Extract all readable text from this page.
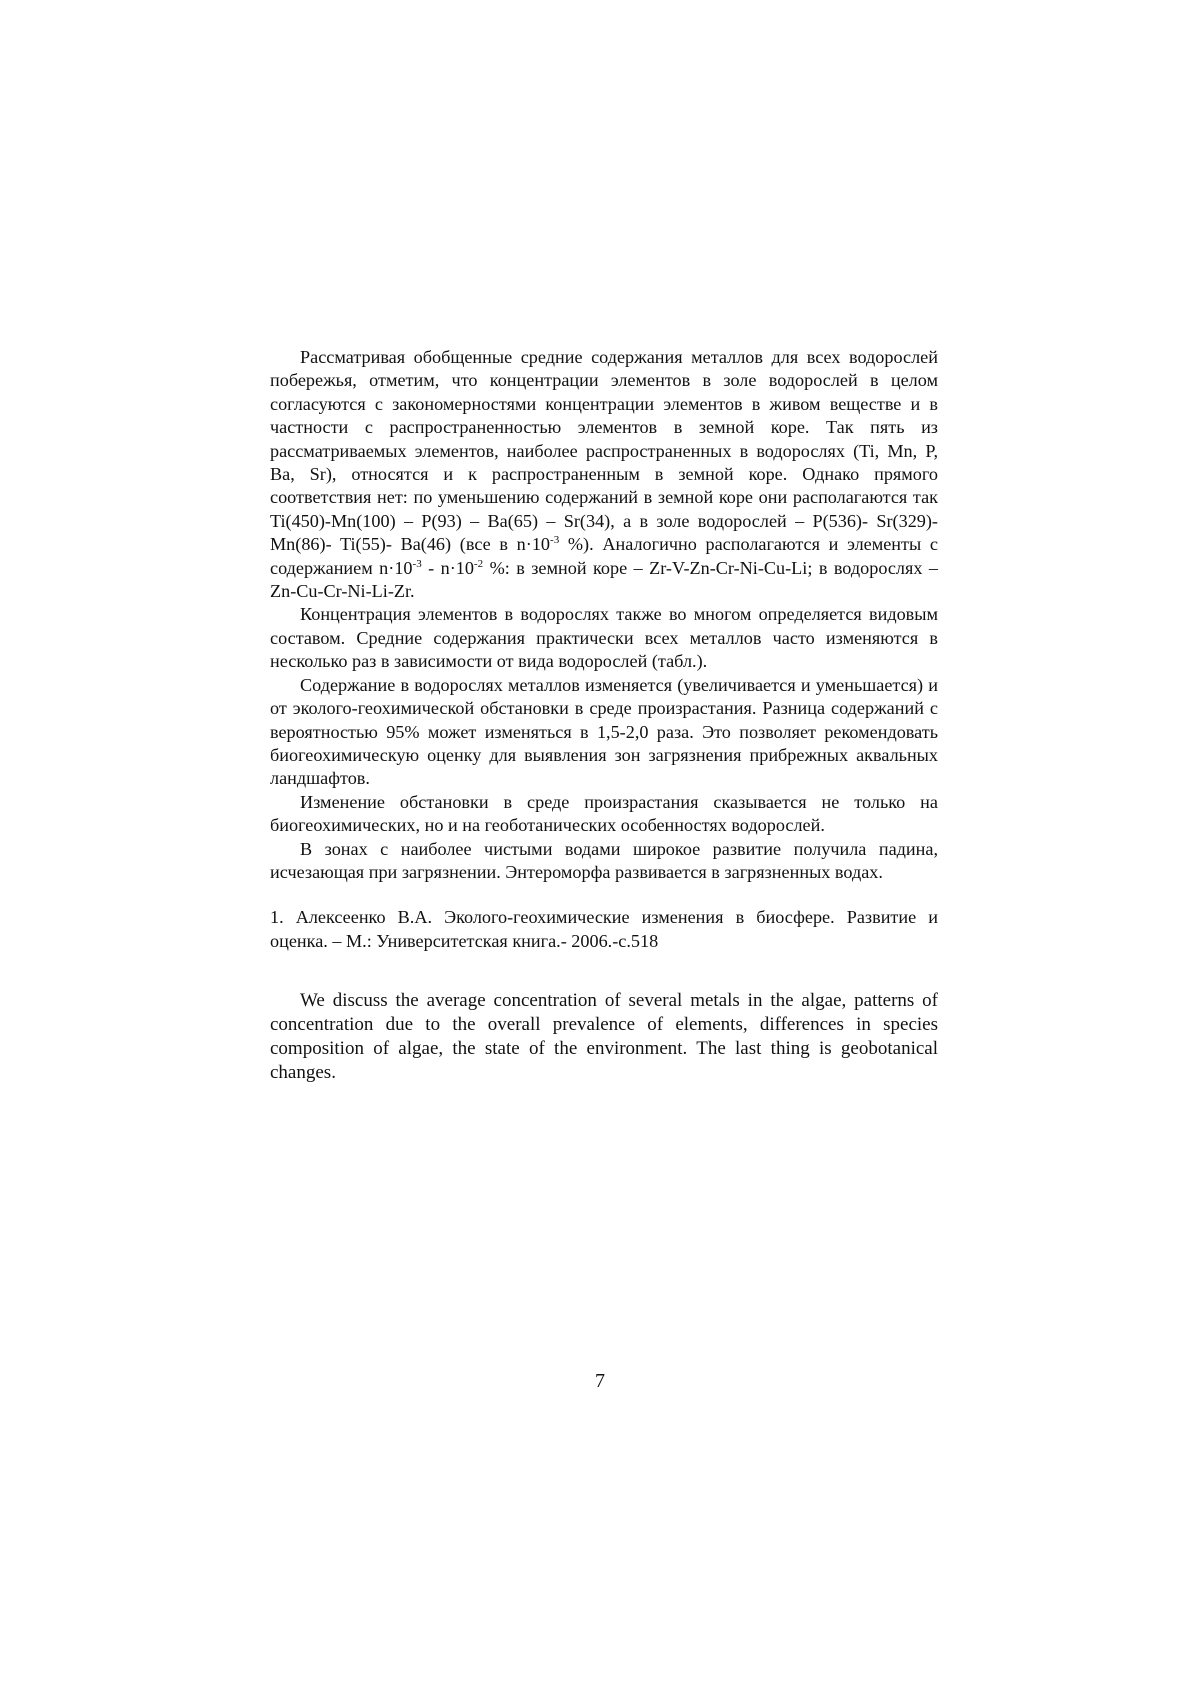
Рассматривая обобщенные средние содержания металлов для всех водорослей побережья, отметим, что концентрации элементов в золе водорослей в целом согласуются с закономерностями концентрации элементов в живом веществе и в частности с распространенностью элементов в земной коре. Так пять из рассматриваемых элементов, наиболее распространенных в водорослях (Ti, Mn, P, Ba, Sr), относятся и к распространенным в земной коре. Однако прямого соответствия нет: по уменьшению содержаний в земной коре они располагаются так Ti(450)-Mn(100) – P(93) – Ba(65) – Sr(34), а в золе водорослей – P(536)- Sr(329)-Mn(86)- Ti(55)- Ba(46) (все в n·10-3 %). Аналогично располагаются и элементы с содержанием n·10-3 - n·10-2 %: в земной коре – Zr-V-Zn-Cr-Ni-Cu-Li; в водорослях – Zn-Cu-Cr-Ni-Li-Zr.

Концентрация элементов в водорослях также во многом определяется видовым составом. Средние содержания практически всех металлов часто изменяются в несколько раз в зависимости от вида водорослей (табл.).

Содержание в водорослях металлов изменяется (увеличивается и уменьшается) и от эколого-геохимической обстановки в среде произрастания. Разница содержаний с вероятностью 95% может изменяться в 1,5-2,0 раза. Это позволяет рекомендовать биогеохимическую оценку для выявления зон загрязнения прибрежных аквальных ландшафтов.

Изменение обстановки в среде произрастания сказывается не только на биогеохимических, но и на геоботанических особенностях водорослей.

В зонах с наиболее чистыми водами широкое развитие получила падина, исчезающая при загрязнении. Энтероморфа развивается в загрязненных водах.

1. Алексеенко В.А. Эколого-геохимические изменения в биосфере. Развитие и оценка. – М.: Университетская книга.- 2006.-с.518

We discuss the average concentration of several metals in the algae, patterns of concentration due to the overall prevalence of elements, differences in species composition of algae, the state of the environment. The last thing is geobotanical changes.

7
